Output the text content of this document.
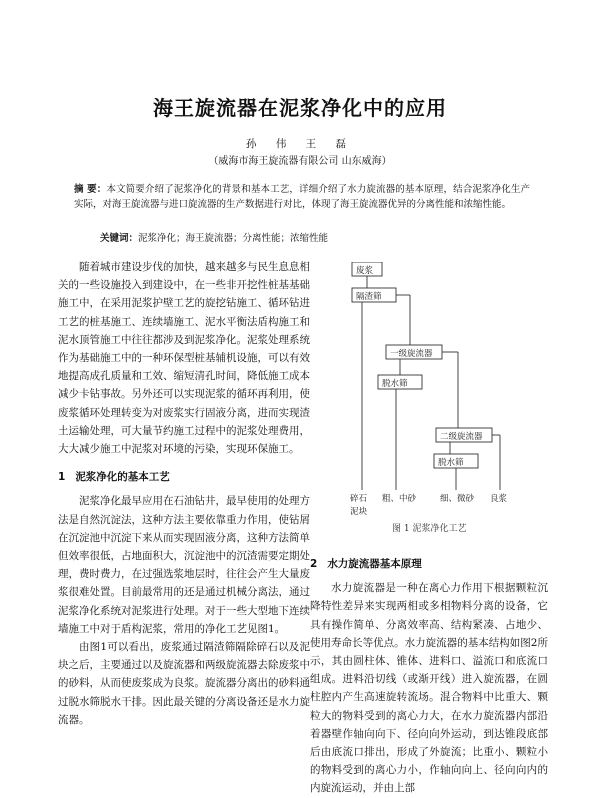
海王旋流器在泥浆净化中的应用
孙 伟 王 磊
（威海市海王旋流器有限公司 山东威海）
摘 要：本文简要介绍了泥浆净化的背景和基本工艺，详细介绍了水力旋流器的基本原理，结合泥浆净化生产实际，对海王旋流器与进口旋流器的生产数据进行对比，体现了海王旋流器优异的分离性能和浓缩性能。
关键词：泥浆净化；海王旋流器；分离性能；浓缩性能

随着城市建设步伐的加快，越来越多与民生息息相关的一些设施投入到建设中，在一些非开挖性桩基基础施工中，在采用泥浆护壁工艺的旋挖钻施工、循环钻进工艺的桩基施工、连续墙施工、泥水平衡法盾构施工和泥水顶管施工中往往都涉及到泥浆净化。泥浆处理系统作为基础施工中的一种环保型桩基辅机设施，可以有效地提高成孔质量和工效、缩短清孔时间，降低施工成本减少卡钻事故。另外还可以实现泥浆的循环再利用，使废浆循环处理转变为对废浆实行固液分离，进而实现渣土运输处理，可大量节约施工过程中的泥浆处理费用，大大减少施工中泥浆对环境的污染，实现环保施工。

1 泥浆净化的基本工艺

泥浆净化最早应用在石油钻井，最早使用的处理方法是自然沉淀法，这种方法主要依靠重力作用，使钻屑在沉淀池中沉淀下来从而实现固液分离，这种方法简单但效率很低，占地面积大，沉淀池中的沉渣需要定期处理，费时费力，在过强选浆地层时，往往会产生大量废浆很难处置。目前最常用的还是通过机械分离法，通过泥浆净化系统对泥浆进行处理。对于一些大型地下连续墙施工中对于盾构泥浆，常用的净化工艺见图1。

由图1可以看出，废浆通过隔渣筛隔除碎石以及泥块之后，主要通过以及旋流器和两级旋流器去除废浆中的砂料，从而使废浆成为良浆。旋流器分离出的砂料通过脱水筛脱水干排。因此最关键的分离设备还是水力旋流器。

废浆
隔渣筛
一级旋流器
脱水筛
二级旋流器
脱水筛
碎石
泥块
粗、中砂	细、微砂 良浆
图 1 泥浆净化工艺

2 水力旋流器基本原理

水力旋流器是一种在离心力作用下根据颗粒沉降特性差异来实现两相或多相物料分离的设备，它具有操作简单、分离效率高、结构紧凑、占地少、使用寿命长等优点。水力旋流器的基本结构如图2所示，其由圆柱体、锥体、进料口、溢流口和底流口组成。进料沿切线（或渐开线）进入旋流器，在圆柱腔内产生高速旋转流场。混合物料中比重大、颗粒大的物料受到的离心力大，在水力旋流器内部沿着器壁作轴向向下、径向向外运动，到达锥段底部后由底流口排出，形成了外旋流；比重小、颗粒小的物料受到的离心力小，作轴向向上、径向向内的内旋流运动，并由上部
